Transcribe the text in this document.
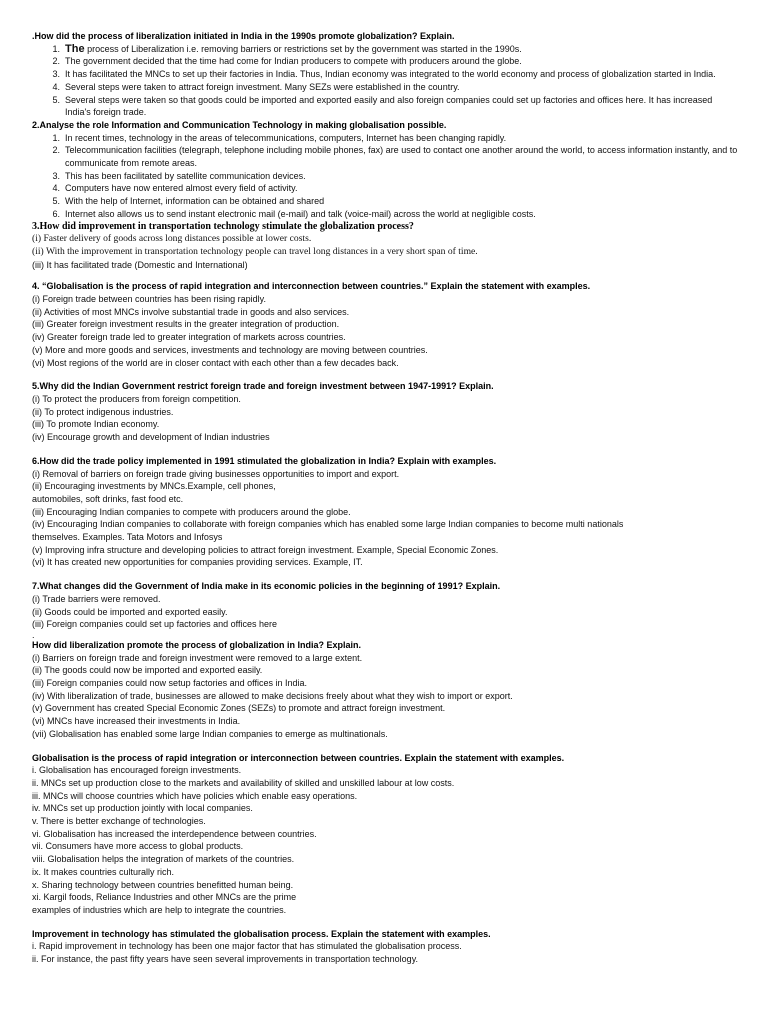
.How did the process of liberalization initiated in India in the 1990s promote globalization? Explain.

1. The process of Liberalization i.e. removing barriers or restrictions set by the government was started in the 1990s.
2. The government decided that the time had come for Indian producers to compete with producers around the globe.
3. It has facilitated the MNCs to set up their factories in India. Thus, Indian economy was integrated to the world economy and process of globalization started in India.
4. Several steps were taken to attract foreign investment. Many SEZs were established in the country.
5. Several steps were taken so that goods could be imported and exported easily and also foreign companies could set up factories and offices here. It has increased India's foreign trade.

2.Analyse the role Information and Communication Technology in making globalisation possible.

1. In recent times, technology in the areas of telecommunications, computers, Internet has been changing rapidly.
2. Telecommunication facilities (telegraph, telephone including mobile phones, fax) are used to contact one another around the world, to access information instantly, and to communicate from remote areas.
3. This has been facilitated by satellite communication devices.
4. Computers have now entered almost every field of activity.
5. With the help of Internet, information can be obtained and shared
6. Internet also allows us to send instant electronic mail (e-mail) and talk (voice-mail) across the world at negligible costs.

3.How did improvement in transportation technology stimulate the globalization process?

(i) Faster delivery of goods across long distances possible at lower costs.

(ii) With the improvement in transportation technology people can travel long distances in a very short span of time.

(iii) It has facilitated trade (Domestic and International)

4. “Globalisation is the process of rapid integration and interconnection between countries.” Explain the statement with examples.

(i) Foreign trade between countries has been rising rapidly.

(ii) Activities of most MNCs involve substantial trade in goods and also services.

(iii) Greater foreign investment results in the greater integration of production.

(iv) Greater foreign trade led to greater integration of markets across countries.

(v) More and more goods and services, investments and technology are moving between countries.

(vi) Most regions of the world are in closer contact with each other than a few decades back.

5.Why did the Indian Government restrict foreign trade and foreign investment between 1947-1991? Explain.

(i) To protect the producers from foreign competition.

(ii) To protect indigenous industries.

(iii) To promote Indian economy.

(iv) Encourage growth and development of Indian industries

6.How did the trade policy implemented in 1991 stimulated the globalization in India? Explain with examples.

(i) Removal of barriers on foreign trade giving businesses opportunities to import and export.

(ii) Encouraging investments by MNCs.Example, cell phones,

automobiles, soft drinks, fast food etc.

(iii) Encouraging Indian companies to compete with producers around the globe.

(iv) Encouraging Indian companies to collaborate with foreign companies which has enabled some large Indian companies to become multi nationals

themselves. Examples. Tata Motors and Infosys

(v) Improving infra structure and developing policies to attract foreign investment. Example, Special Economic Zones.

(vi) It has created new opportunities for companies providing services. Example, IT.

7.What changes did the Government of India make in its economic policies in the beginning of 1991? Explain.

(i) Trade barriers were removed.

(ii) Goods could be imported and exported easily.

(iii) Foreign companies could set up factories and offices here

.

How did liberalization promote the process of globalization in India? Explain.

(i) Barriers on foreign trade and foreign investment were removed to a large extent.

(ii) The goods could now be imported and exported easily.

(iii) Foreign companies could now setup factories and offices in India.

(iv) With liberalization of trade, businesses are allowed to make decisions freely about what they wish to import or export.

(v) Government has created Special Economic Zones (SEZs) to promote and attract foreign investment.

(vi) MNCs have increased their investments in India.

(vii) Globalisation has enabled some large Indian companies to emerge as multinationals.

Globalisation is the process of rapid integration or interconnection between countries. Explain the statement with examples.

i. Globalisation has encouraged foreign investments.

ii. MNCs set up production close to the markets and availability of skilled and unskilled labour at low costs.

iii. MNCs will choose countries which have policies which enable easy operations.

iv. MNCs set up production jointly with local companies.

v. There is better exchange of technologies.

vi. Globalisation has increased the interdependence between countries.

vii. Consumers have more access to global products.

viii. Globalisation helps the integration of markets of the countries.

ix. It makes countries culturally rich.

x. Sharing technology between countries benefitted human being.

xi. Kargil foods, Reliance Industries and other MNCs are the prime

examples of industries which are help to integrate the countries.

Improvement in technology has stimulated the globalisation process. Explain the statement with examples.

i. Rapid improvement in technology has been one major factor that has stimulated the globalisation process.

ii. For instance, the past fifty years have seen several improvements in transportation technology.
